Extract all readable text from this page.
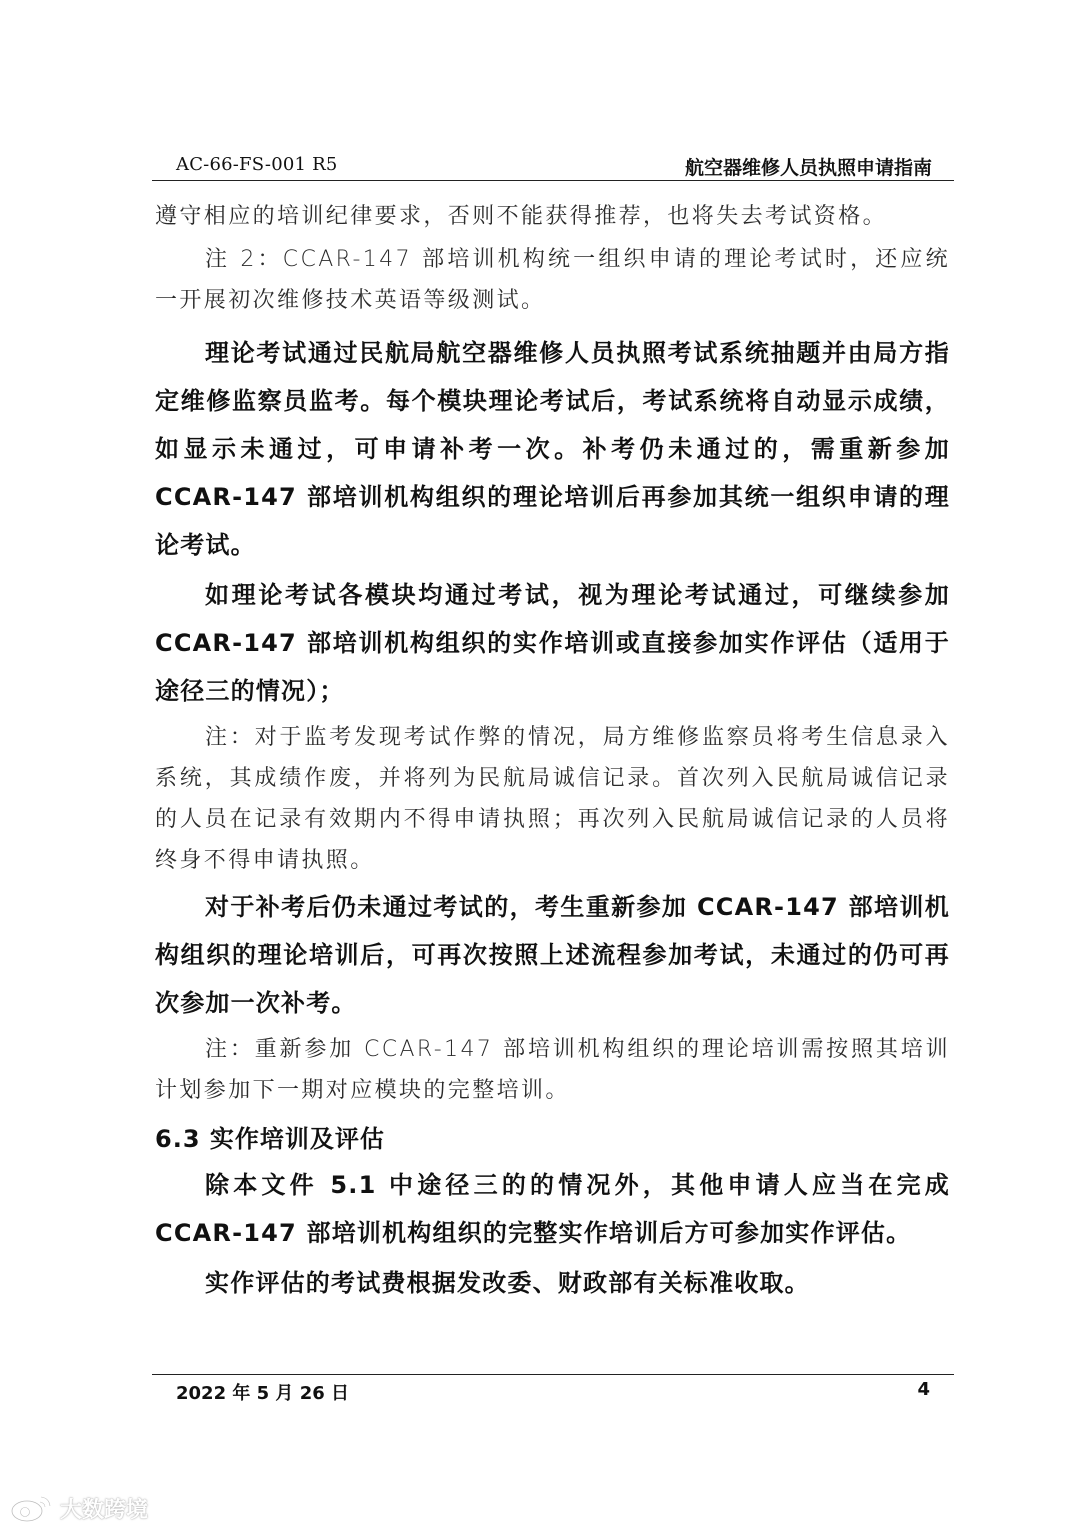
AC-66-FS-001 R5	航空器维修人员执照申请指南

遵守相应的培训纪律要求，否则不能获得推荐，也将失去考试资格。

注 2：CCAR-147 部培训机构统一组织申请的理论考试时，还应统一开展初次维修技术英语等级测试。

理论考试通过民航局航空器维修人员执照考试系统抽题并由局方指定维修监察员监考。每个模块理论考试后，考试系统将自动显示成绩，如显示未通过，可申请补考一次。补考仍未通过的，需重新参加 CCAR-147 部培训机构组织的理论培训后再参加其统一组织申请的理论考试。

如理论考试各模块均通过考试，视为理论考试通过，可继续参加 CCAR-147 部培训机构组织的实作培训或直接参加实作评估（适用于途径三的情况）；

注：对于监考发现考试作弊的情况，局方维修监察员将考生信息录入系统，其成绩作废，并将列为民航局诚信记录。首次列入民航局诚信记录的人员在记录有效期内不得申请执照；再次列入民航局诚信记录的人员将终身不得申请执照。

对于补考后仍未通过考试的，考生重新参加 CCAR-147 部培训机构组织的理论培训后，可再次按照上述流程参加考试，未通过的仍可再次参加一次补考。

注：重新参加 CCAR-147 部培训机构组织的理论培训需按照其培训计划参加下一期对应模块的完整培训。

6.3 实作培训及评估

除本文件 5.1 中途径三的的情况外，其他申请人应当在完成 CCAR-147 部培训机构组织的完整实作培训后方可参加实作评估。

实作评估的考试费根据发改委、财政部有关标准收取。

2022 年 5 月 26 日	4
大数跨境
